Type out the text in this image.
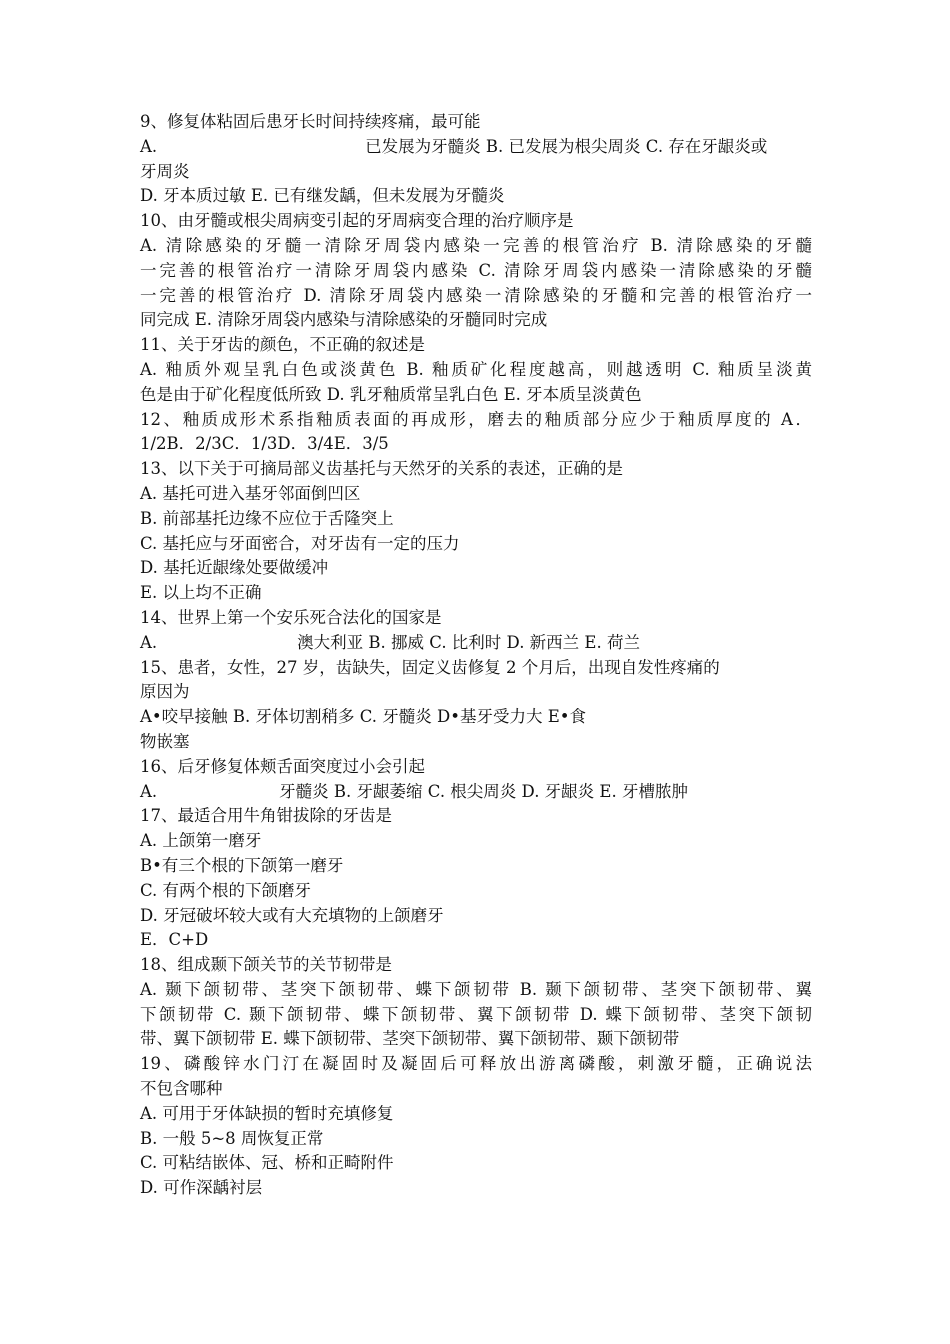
9、修复体粘固后患牙长时间持续疼痛，最可能
A.	已发展为牙髓炎 B. 已发展为根尖周炎 C. 存在牙龈炎或
牙周炎
D. 牙本质过敏 E. 已有继发龋，但未发展为牙髓炎
10、由牙髓或根尖周病变引起的牙周病变合理的治疗顺序是
A. 清除感染的牙髓一清除牙周袋内感染一完善的根管治疗 B. 清除感染的牙髓
一完善的根管治疗一清除牙周袋内感染 C. 清除牙周袋内感染一清除感染的牙髓
一完善的根管治疗 D. 清除牙周袋内感染一清除感染的牙髓和完善的根管治疗一
同完成 E. 清除牙周袋内感染与清除感染的牙髓同时完成
11、关于牙齿的颜色，不正确的叙述是
A. 釉质外观呈乳白色或淡黄色 B. 釉质矿化程度越高，则越透明 C. 釉质呈淡黄
色是由于矿化程度低所致 D. 乳牙釉质常呈乳白色 E. 牙本质呈淡黄色
12、釉质成形术系指釉质表面的再成形，磨去的釉质部分应少于釉质厚度的 A．
1/2B．2/3C．1/3D．3/4E．3/5
13、以下关于可摘局部义齿基托与天然牙的关系的表述，正确的是
A. 基托可进入基牙邻面倒凹区
B. 前部基托边缘不应位于舌隆突上
C. 基托应与牙面密合，对牙齿有一定的压力
D. 基托近龈缘处要做缓冲
E. 以上均不正确
14、世界上第一个安乐死合法化的国家是
A.	澳大利亚 B. 挪威 C. 比利时 D. 新西兰 E. 荷兰
15、患者，女性，27 岁，齿缺失，固定义齿修复 2 个月后，出现自发性疼痛的
原因为
A•咬早接触 B. 牙体切割稍多 C. 牙髓炎 D•基牙受力大 E•食
物嵌塞
16、后牙修复体颊舌面突度过小会引起
A.	牙髓炎 B. 牙龈萎缩 C. 根尖周炎 D. 牙龈炎 E. 牙槽脓肿
17、最适合用牛角钳拔除的牙齿是
A. 上颌第一磨牙
B•有三个根的下颌第一磨牙
C. 有两个根的下颌磨牙
D. 牙冠破坏较大或有大充填物的上颌磨牙
E．C+D
18、组成颞下颌关节的关节韧带是
A. 颞下颌韧带、茎突下颌韧带、蝶下颌韧带 B. 颞下颌韧带、茎突下颌韧带、翼
下颌韧带 C. 颞下颌韧带、蝶下颌韧带、翼下颌韧带 D. 蝶下颌韧带、茎突下颌韧
带、翼下颌韧带 E. 蝶下颌韧带、茎突下颌韧带、翼下颌韧带、颞下颌韧带
19、磷酸锌水门汀在凝固时及凝固后可释放出游离磷酸，刺激牙髓，正确说法
不包含哪种
A. 可用于牙体缺损的暂时充填修复
B. 一般 5~8 周恢复正常
C. 可粘结嵌体、冠、桥和正畸附件
D. 可作深龋衬层
